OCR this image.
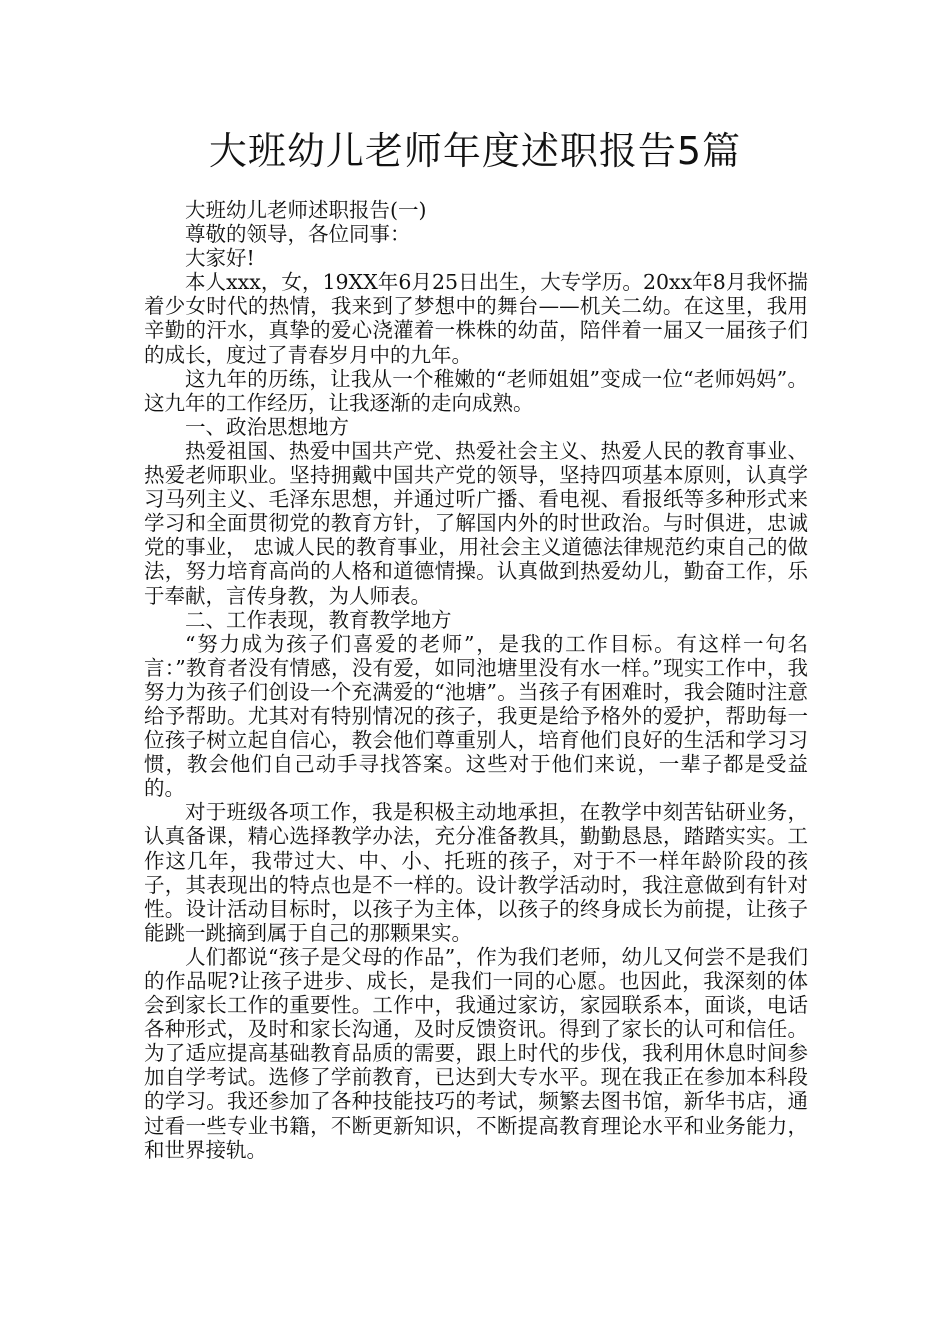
大班幼儿老师年度述职报告5篇

大班幼儿老师述职报告(一)

尊敬的领导，各位同事：

大家好!

本人xxx，女，19XX年6月25日出生，大专学历。20xx年8月我怀揣着少女时代的热情，我来到了梦想中的舞台——机关二幼。在这里，我用辛勤的汗水，真挚的爱心浇灌着一株株的幼苗，陪伴着一届又一届孩子们的成长，度过了青春岁月中的九年。

这九年的历练，让我从一个稚嫩的“老师姐姐”变成一位“老师妈妈”。这九年的工作经历，让我逐渐的走向成熟。

一、政治思想地方

热爱祖国、热爱中国共产党、热爱社会主义、热爱人民的教育事业、热爱老师职业。坚持拥戴中国共产党的领导，坚持四项基本原则，认真学习马列主义、毛泽东思想，并通过听广播、看电视、看报纸等多种形式来学习和全面贯彻党的教育方针，了解国内外的时世政治。与时俱进，忠诚党的事业， 忠诚人民的教育事业，用社会主义道德法律规范约束自己的做法，努力培育高尚的人格和道德情操。认真做到热爱幼儿，勤奋工作，乐于奉献，言传身教，为人师表。

二、工作表现，教育教学地方

“努力成为孩子们喜爱的老师”，是我的工作目标。有这样一句名言：”教育者没有情感，没有爱，如同池塘里没有水一样。”现实工作中，我努力为孩子们创设一个充满爱的“池塘”。当孩子有困难时，我会随时注意给予帮助。尤其对有特别情况的孩子，我更是给予格外的爱护，帮助每一位孩子树立起自信心，教会他们尊重别人，培育他们良好的生活和学习习惯，教会他们自己动手寻找答案。这些对于他们来说，一辈子都是受益的。

对于班级各项工作，我是积极主动地承担，在教学中刻苦钻研业务，认真备课，精心选择教学办法，充分准备教具，勤勤恳恳，踏踏实实。工作这几年，我带过大、中、小、托班的孩子，对于不一样年龄阶段的孩子，其表现出的特点也是不一样的。设计教学活动时，我注意做到有针对性。设计活动目标时，以孩子为主体，以孩子的终身成长为前提，让孩子能跳一跳摘到属于自己的那颗果实。

人们都说“孩子是父母的作品”，作为我们老师，幼儿又何尝不是我们的作品呢?让孩子进步、成长，是我们一同的心愿。也因此，我深刻的体会到家长工作的重要性。工作中，我通过家访，家园联系本，面谈，电话各种形式，及时和家长沟通，及时反馈资讯。得到了家长的认可和信任。为了适应提高基础教育品质的需要，跟上时代的步伐，我利用休息时间参加自学考试。选修了学前教育，已达到大专水平。现在我正在参加本科段的学习。我还参加了各种技能技巧的考试，频繁去图书馆，新华书店，通过看一些专业书籍，不断更新知识，不断提高教育理论水平和业务能力，和世界接轨。
